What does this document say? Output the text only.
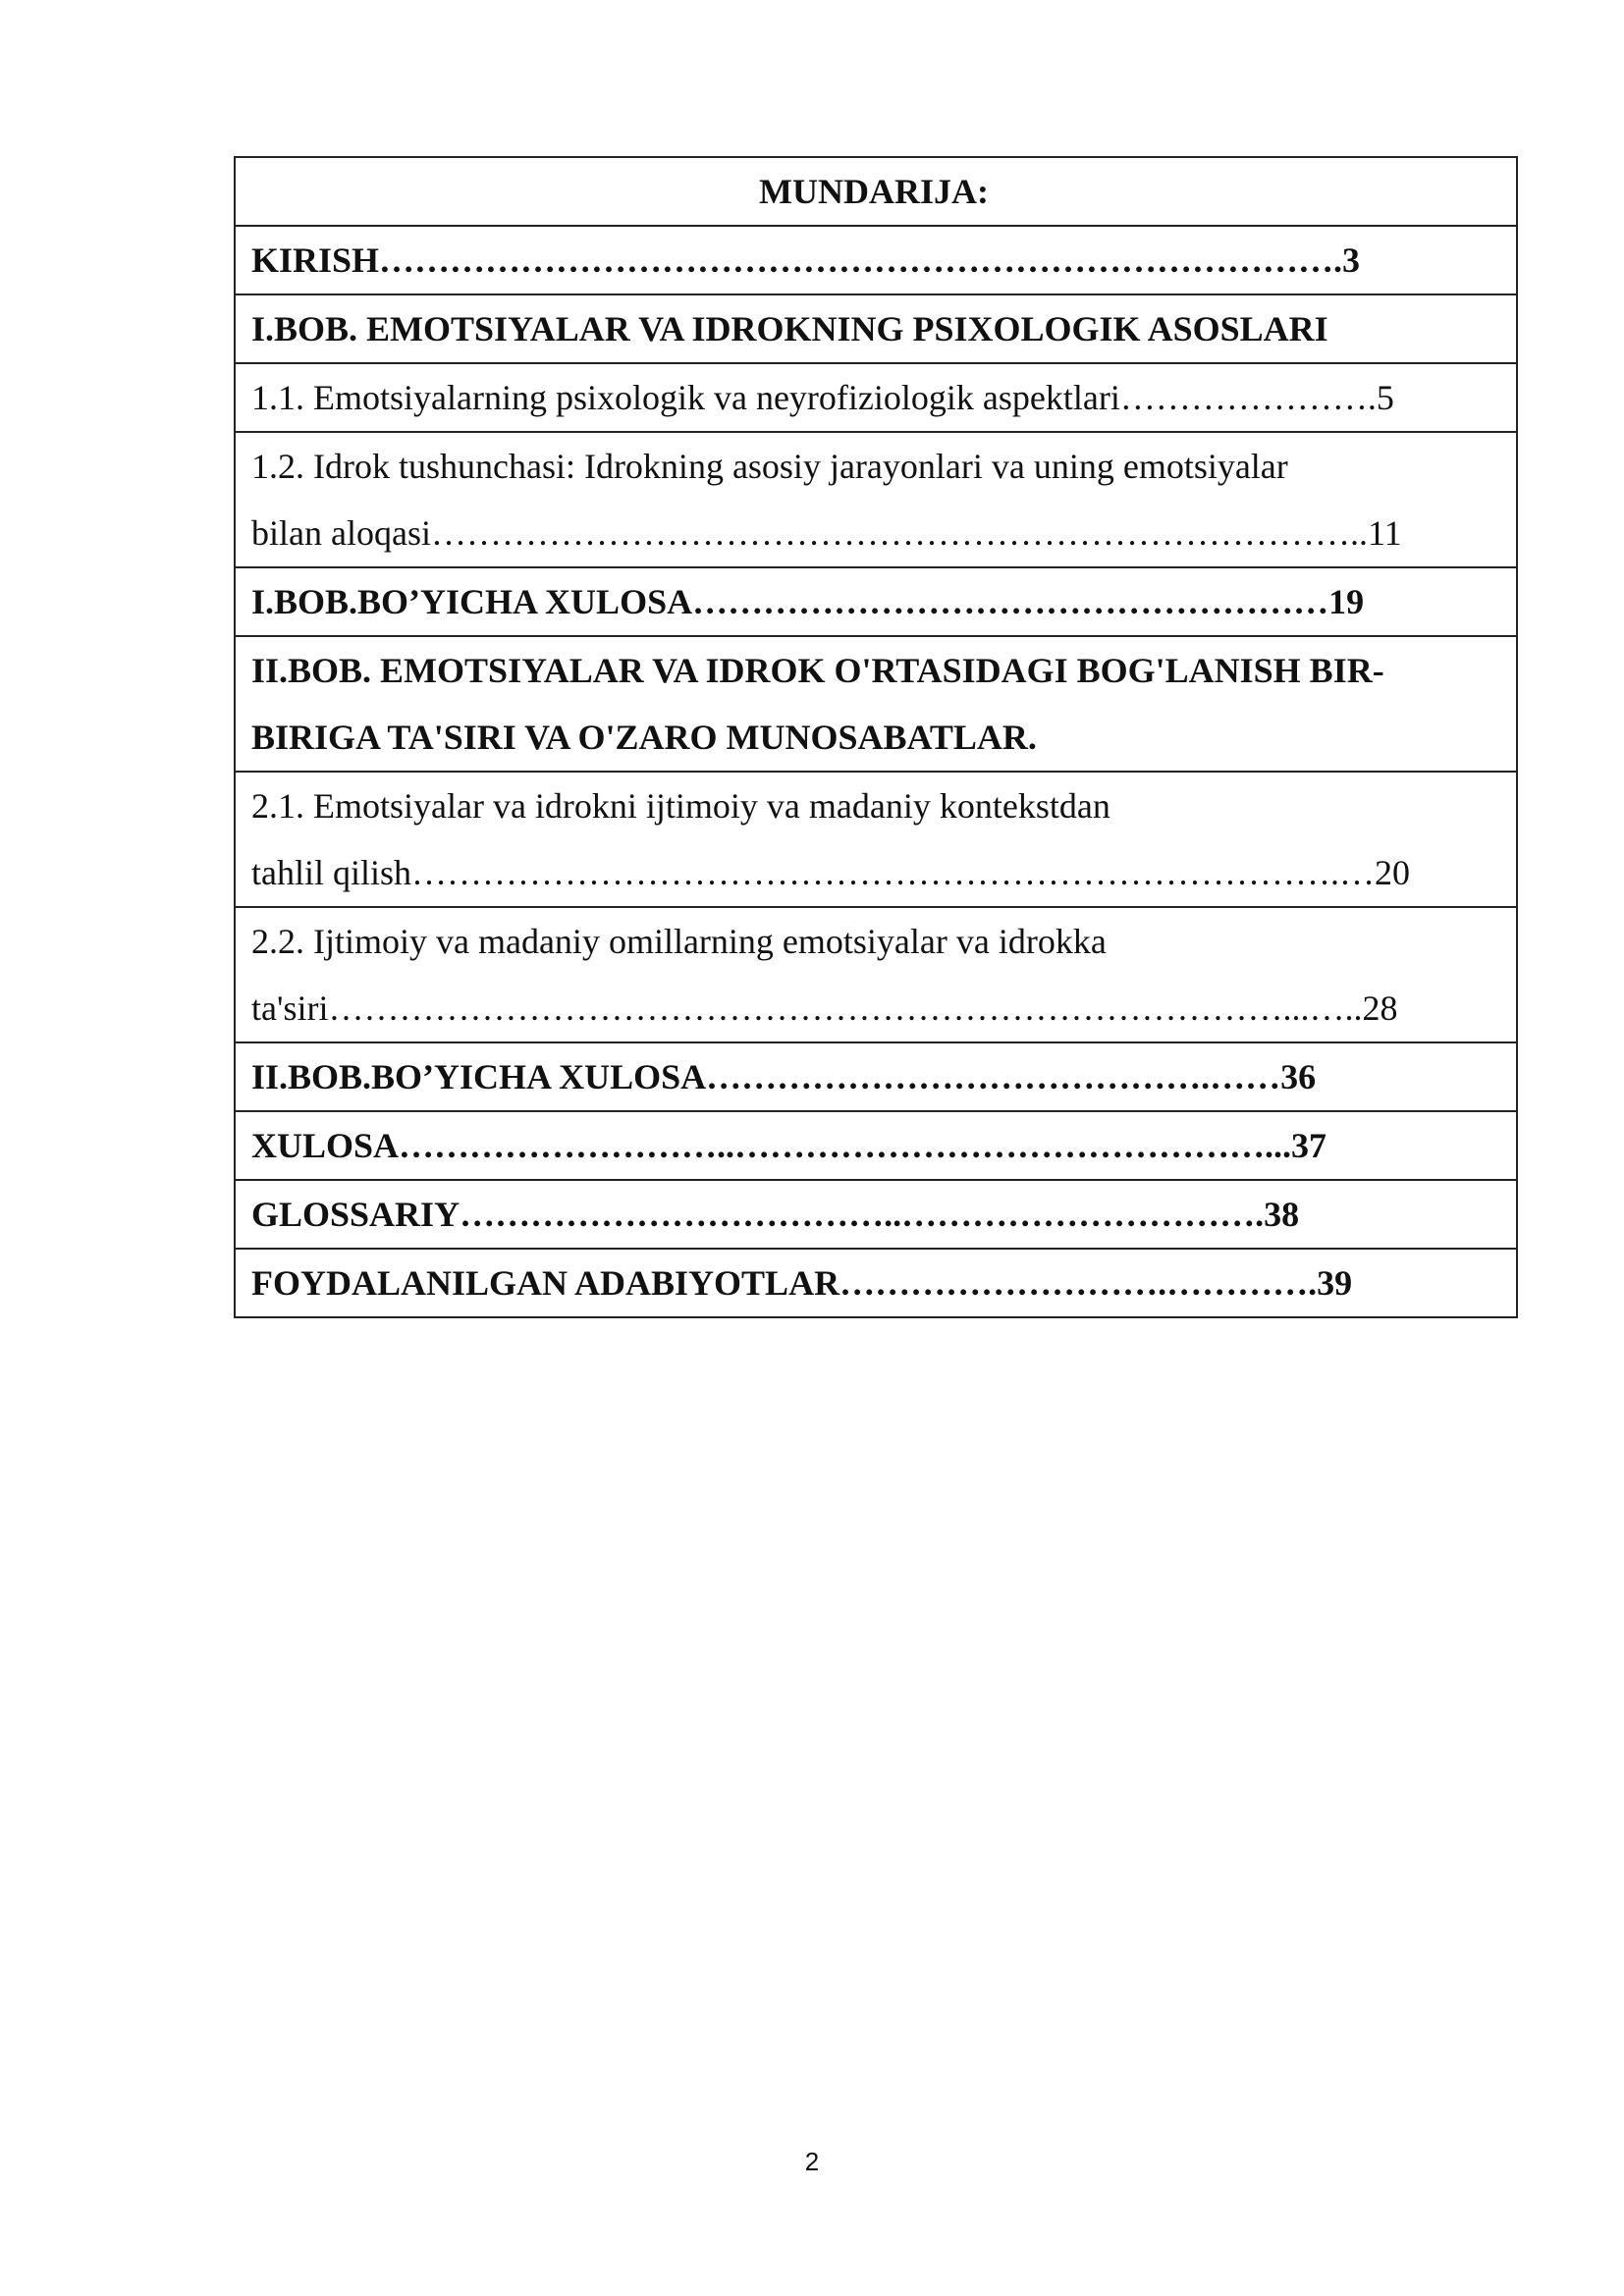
MUNDARIJA:

KIRISH……………………………………………………………………….3

I.BOB. EMOTSIYALAR VA IDROKNING PSIXOLOGIK ASOSLARI

1.1. Emotsiyalarning psixologik va neyrofiziologik aspektlari………………….5

1.2. Idrok tushunchasi: Idrokning asosiy jarayonlari va uning emotsiyalar
bilan aloqasi……………………………………………………………………..11

I.BOB.BO’YICHA XULOSA………………………………………………19

II.BOB. EMOTSIYALAR VA IDROK O'RTASIDAGI BOG'LANISH BIR-
BIRIGA TA'SIRI VA O'ZARO MUNOSABATLAR.

2.1. Emotsiyalar va idrokni ijtimoiy va madaniy kontekstdan
tahlil qilish…………………………………………………………………….…20

2.2. Ijtimoiy va madaniy omillarning emotsiyalar va idrokka
ta'siri………………………………………………………………………...…..28

II.BOB.BO’YICHA XULOSA…………………………………….……36

XULOSA………………………..………………………………………...37

GLOSSARIY………………………………..………………………….38

FOYDALANILGAN ADABIYOTLAR……………………….………….39
2
